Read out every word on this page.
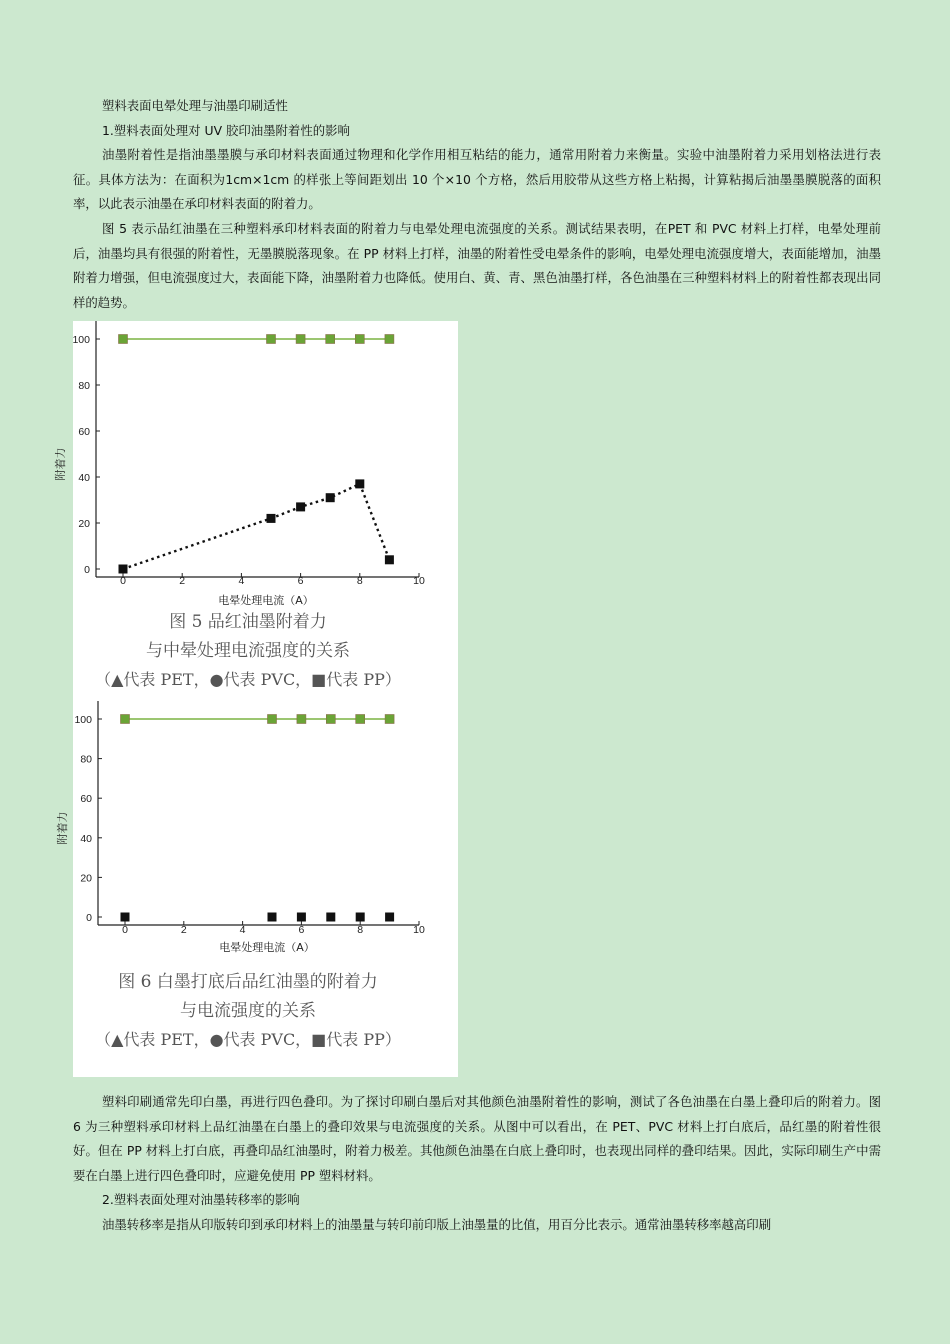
塑料表面电晕处理与油墨印刷适性

1.塑料表面处理对 UV 胶印油墨附着性的影响

油墨附着性是指油墨墨膜与承印材料表面通过物理和化学作用相互粘结的能力，通常用附着力来衡量。实验中油墨附着力采用划格法进行表征。具体方法为：在面积为1cm×1cm 的样张上等间距划出 10 个×10 个方格，然后用胶带从这些方格上粘揭，计算粘揭后油墨墨膜脱落的面积率，以此表示油墨在承印材料表面的附着力。

图 5 表示品红油墨在三种塑料承印材料表面的附着力与电晕处理电流强度的关系。测试结果表明，在PET 和 PVC 材料上打样，电晕处理前后，油墨均具有很强的附着性，无墨膜脱落现象。在 PP 材料上打样，油墨的附着性受电晕条件的影响，电晕处理电流强度增大，表面能增加，油墨附着力增强，但电流强度过大，表面能下降，油墨附着力也降低。使用白、黄、青、黑色油墨打样，各色油墨在三种塑料材料上的附着性都表现出同样的趋势。

0
20
40
60
80
100
0	2	4	6	8	10
电晕处理电流（A）
附着力
图 5 品红油墨附着力
与中晕处理电流强度的关系
（▲代表 PET，●代表 PVC，■代表 PP）
0
20
40
60
80
100
0	2	4	6	8	10
电晕处理电流（A）
附着力
图 6 白墨打底后品红油墨的附着力
与电流强度的关系
（▲代表 PET，●代表 PVC，■代表 PP）

塑料印刷通常先印白墨，再进行四色叠印。为了探讨印刷白墨后对其他颜色油墨附着性的影响，测试了各色油墨在白墨上叠印后的附着力。图 6 为三种塑料承印材料上品红油墨在白墨上的叠印效果与电流强度的关系。从图中可以看出，在 PET、PVC 材料上打白底后，品红墨的附着性很好。但在 PP 材料上打白底，再叠印品红油墨时，附着力极差。其他颜色油墨在白底上叠印时，也表现出同样的叠印结果。因此，实际印刷生产中需要在白墨上进行四色叠印时，应避免使用 PP 塑料材料。

2.塑料表面处理对油墨转移率的影响

油墨转移率是指从印版转印到承印材料上的油墨量与转印前印版上油墨量的比值，用百分比表示。通常油墨转移率越高印刷
